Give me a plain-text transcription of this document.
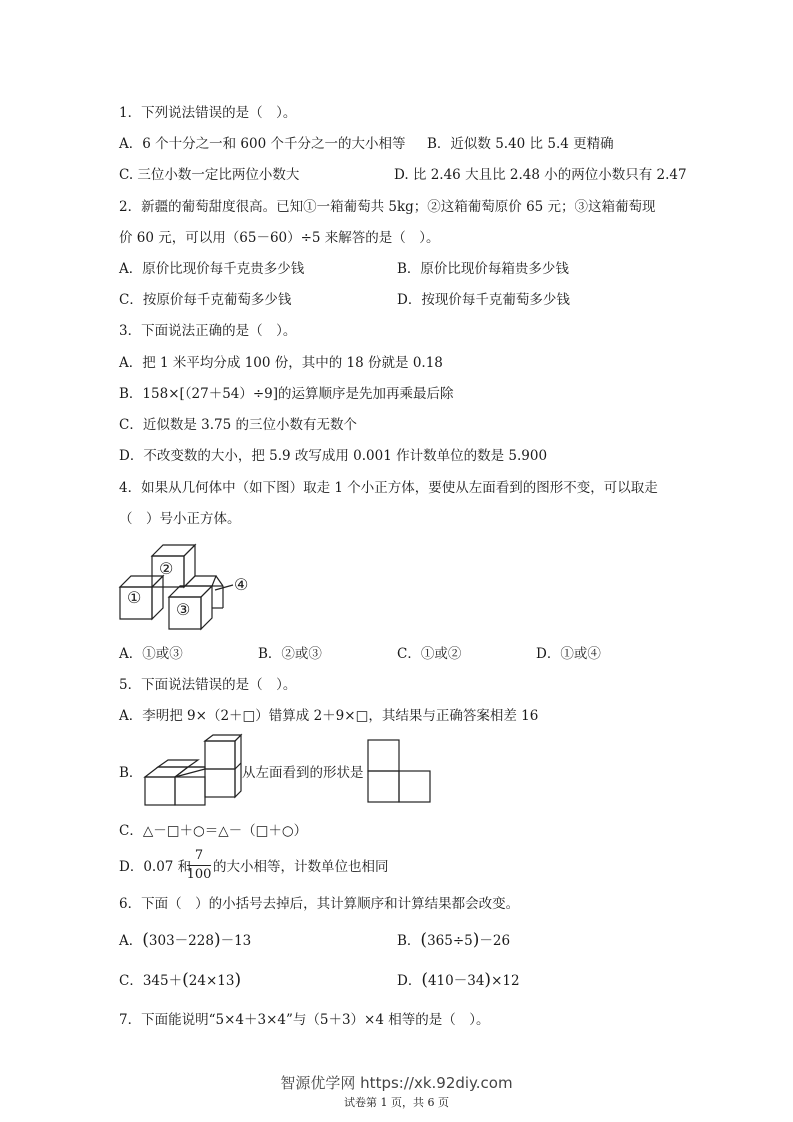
1．下列说法错误的是（　）。
A．6 个十分之一和 600 个千分之一的大小相等 B．近似数 5.40 比 5.4 更精确
C. 三位小数一定比两位小数大	D. 比 2.46 大且比 2.48 小的两位小数只有 2.47
2．新疆的葡萄甜度很高。已知①一箱葡萄共 5kg；②这箱葡萄原价 65 元；③这箱葡萄现
价 60 元，可以用（65－60）÷5 来解答的是（　）。
A．原价比现价每千克贵多少钱	B．原价比现价每箱贵多少钱
C．按原价每千克葡萄多少钱	D．按现价每千克葡萄多少钱
3．下面说法正确的是（　）。
A．把 1 米平均分成 100 份，其中的 18 份就是 0.18
B．158×[（27＋54）÷9]的运算顺序是先加再乘最后除
C．近似数是 3.75 的三位小数有无数个
D．不改变数的大小，把 5.9 改写成用 0.001 作计数单位的数是 5.900
4．如果从几何体中（如下图）取走 1 个小正方体，要使从左面看到的图形不变，可以取走
（　）号小正方体。
①
②
③
④
A．①或③	B．②或③	C．①或②	D．①或④
5．下面说法错误的是（　）。
A．李明把 9×（2＋□）错算成 2＋9×□，其结果与正确答案相差 16
B．	从左面看到的形状是
C．△－□＋○＝△－（□＋○）
D．0.07 和
7
100 的大小相等，计数单位也相同
6．下面（　）的小括号去掉后，其计算顺序和计算结果都会改变。
A．(303－228)－13	B．(365÷5)－26
C．345＋(24×13)	D．(410－34)×12
7．下面能说明“5×4＋3×4”与（5＋3）×4 相等的是（　）。
智源优学网 https://xk.92diy.com
试卷第 1 页，共 6 页
